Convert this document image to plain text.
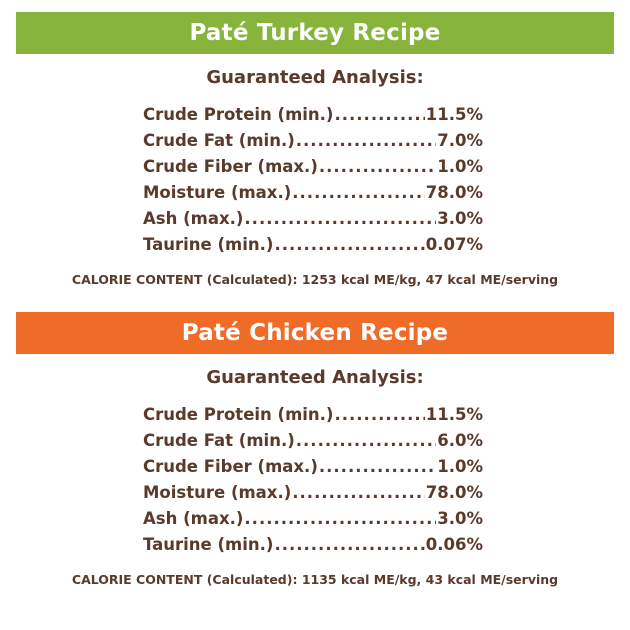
Paté Turkey Recipe
Guaranteed Analysis:
Crude Protein (min.) .....	11.5%
Crude Fat (min.) .....	7.0%
Crude Fiber (max.) .....	1.0%
Moisture (max.) .....	78.0%
Ash (max.) .....	3.0%
Taurine (min.) .....	0.07%
CALORIE CONTENT (Calculated): 1253 kcal ME/kg, 47 kcal ME/serving
Paté Chicken Recipe
Guaranteed Analysis:
Crude Protein (min.) .....	11.5%
Crude Fat (min.) .....	6.0%
Crude Fiber (max.) .....	1.0%
Moisture (max.) .....	78.0%
Ash (max.) .....	3.0%
Taurine (min.) .....	0.06%
CALORIE CONTENT (Calculated): 1135 kcal ME/kg, 43 kcal ME/serving
